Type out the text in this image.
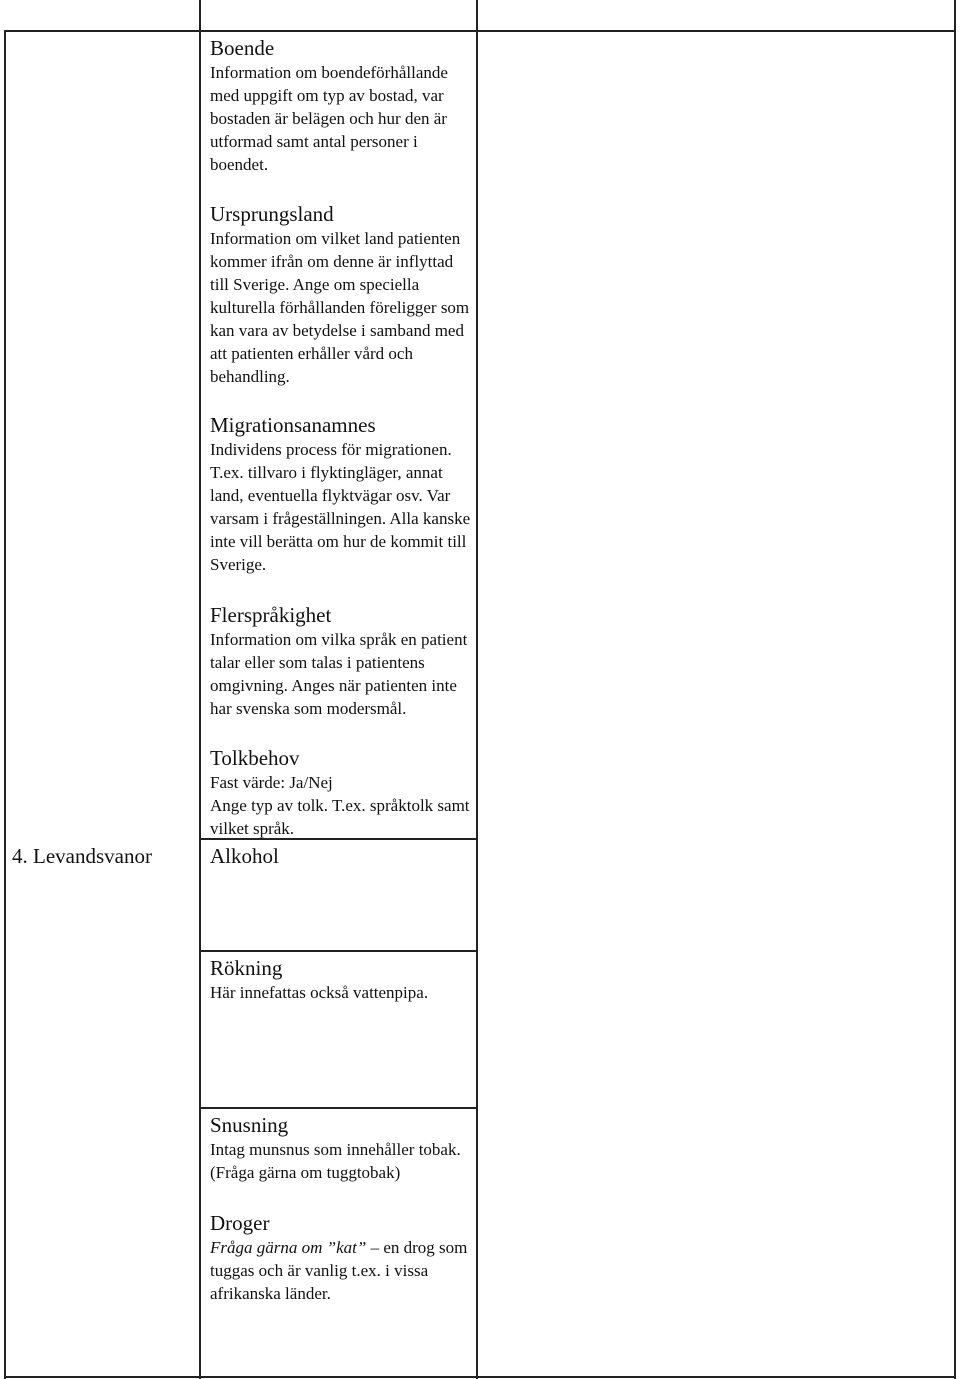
4. Levandsvanor

Boende

Information om boendeförhållande med uppgift om typ av bostad, var bostaden är belägen och hur den är utformad samt antal personer i boendet.

Ursprungsland

Information om vilket land patienten kommer ifrån om denne är inflyttad till Sverige. Ange om speciella kulturella förhållanden föreligger som kan vara av betydelse i samband med att patienten erhåller vård och behandling.

Migrationsanamnes

Individens process för migrationen. T.ex. tillvaro i flyktingläger, annat land, eventuella flyktvägar osv. Var varsam i frågeställningen. Alla kanske inte vill berätta om hur de kommit till Sverige.

Flerspråkighet

Information om vilka språk en patient talar eller som talas i patientens omgivning. Anges när patienten inte har svenska som modersmål.

Tolkbehov

Fast värde: Ja/Nej

Ange typ av tolk. T.ex. språktolk samt vilket språk.

Alkohol

Rökning

Här innefattas också vattenpipa.

Snusning

Intag munsnus som innehåller tobak. (Fråga gärna om tuggtobak)

Droger

Fråga gärna om ”kat” – en drog som tuggas och är vanlig t.ex. i vissa afrikanska länder.
